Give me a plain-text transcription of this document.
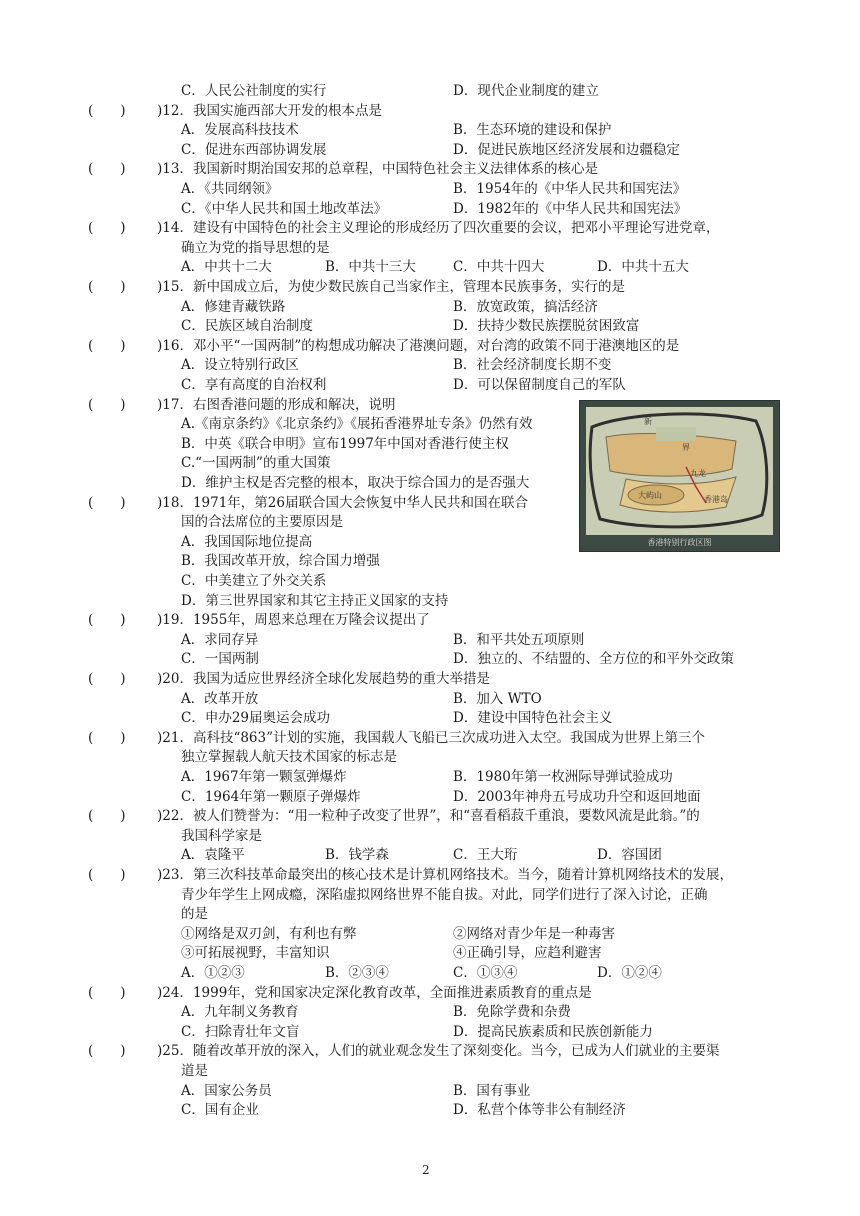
C．人民公社制度的实行	D．现代企业制度的建立
(　　) )12．我国实施西部大开发的根本点是
A．发展高科技技术	B．生态环境的建设和保护
C．促进东西部协调发展	D．促进民族地区经济发展和边疆稳定
(　　) )13．我国新时期治国安邦的总章程，中国特色社会主义法律体系的核心是
A．《共同纲领》	B．1954年的《中华人民共和国宪法》
C．《中华人民共和国土地改革法》	D．1982年的《中华人民共和国宪法》
(　　) )14．建设有中国特色的社会主义理论的形成经历了四次重要的会议，把邓小平理论写进党章，
确立为党的指导思想的是
A．中共十二大	B．中共十三大	C．中共十四大	D．中共十五大
(　　) )15．新中国成立后，为使少数民族自己当家作主，管理本民族事务，实行的是
A．修建青藏铁路	B．放宽政策，搞活经济
C．民族区域自治制度	D．扶持少数民族摆脱贫困致富
(　　) )16．邓小平“一国两制”的构想成功解决了港澳问题，对台湾的政策不同于港澳地区的是
A．设立特别行政区	B．社会经济制度长期不变
C．享有高度的自治权利	D．可以保留制度自己的军队
(　　) )17．右图香港问题的形成和解决，说明
A.《南京条约》《北京条约》《展拓香港界址专条》仍然有效
B．中英《联合申明》宣布1997年中国对香港行使主权
C.“一国两制”的重大国策
D．维护主权是否完整的根本，取决于综合国力的是否强大
(　　) )18．1971年，第26届联合国大会恢复中华人民共和国在联合
国的合法席位的主要原因是
A．我国国际地位提高
B．我国改革开放，综合国力增强
C．中美建立了外交关系
D．第三世界国家和其它主持正义国家的支持
(　　) )19．1955年，周恩来总理在万隆会议提出了
A．求同存异	B．和平共处五项原则
C．一国两制	D．独立的、不结盟的、全方位的和平外交政策
(　　) )20．我国为适应世界经济全球化发展趋势的重大举措是
A．改革开放	B．加入 WTO
C．申办29届奥运会成功	D．建设中国特色社会主义
(　　) )21．高科技“863”计划的实施，我国载人飞船已三次成功进入太空。我国成为世界上第三个
独立掌握载人航天技术国家的标志是
A．1967年第一颗氢弹爆炸	B．1980年第一枚洲际导弹试验成功
C．1964年第一颗原子弹爆炸	D．2003年神舟五号成功升空和返回地面
(　　) )22．被人们赞誉为：“用一粒种子改变了世界”，和“喜看稻菽千重浪，要数风流是此翁。”的
我国科学家是
A．袁隆平	B．钱学森	C．王大珩	D．容国团
(　　) )23．第三次科技革命最突出的核心技术是计算机网络技术。当今，随着计算机网络技术的发展，
青少年学生上网成瘾，深陷虚拟网络世界不能自拔。对此，同学们进行了深入讨论，正确
的是
①网络是双刃剑，有利也有弊	②网络对青少年是一种毒害
③可拓展视野，丰富知识	④正确引导，应趋利避害
A．①②③	B．②③④	C．①③④	D．①②④
(　　) )24．1999年，党和国家决定深化教育改革，全面推进素质教育的重点是
A．九年制义务教育	B．免除学费和杂费
C．扫除青壮年文盲	D．提高民族素质和民族创新能力
(　　) )25．随着改革开放的深入，人们的就业观念发生了深刻变化。当今，已成为人们就业的主要渠
道是
A．国家公务员	B．国有事业
C．国有企业	D．私营个体等非公有制经济
新
界
九龙
香港岛
大屿山
香港特别行政区图
2
